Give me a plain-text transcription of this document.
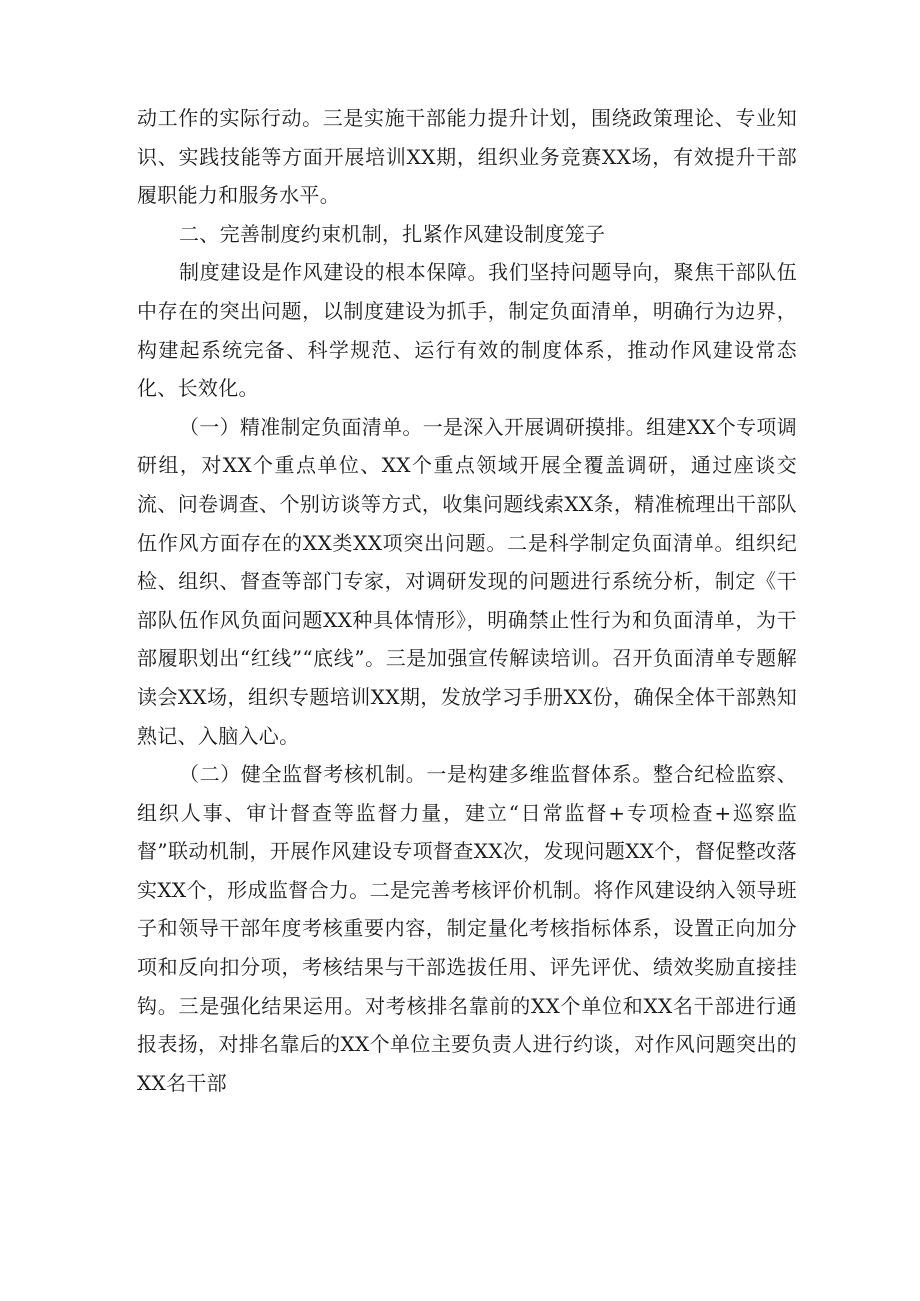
动工作的实际行动。三是实施干部能力提升计划，围绕政策理论、专业知识、实践技能等方面开展培训XX期，组织业务竞赛XX场，有效提升干部履职能力和服务水平。

二、完善制度约束机制，扎紧作风建设制度笼子

制度建设是作风建设的根本保障。我们坚持问题导向，聚焦干部队伍中存在的突出问题，以制度建设为抓手，制定负面清单，明确行为边界，构建起系统完备、科学规范、运行有效的制度体系，推动作风建设常态化、长效化。

（一）精准制定负面清单。一是深入开展调研摸排。组建XX个专项调研组，对XX个重点单位、XX个重点领域开展全覆盖调研，通过座谈交流、问卷调查、个别访谈等方式，收集问题线索XX条，精准梳理出干部队伍作风方面存在的XX类XX项突出问题。二是科学制定负面清单。组织纪检、组织、督查等部门专家，对调研发现的问题进行系统分析，制定《干部队伍作风负面问题XX种具体情形》，明确禁止性行为和负面清单，为干部履职划出“红线”“底线”。三是加强宣传解读培训。召开负面清单专题解读会XX场，组织专题培训XX期，发放学习手册XX份，确保全体干部熟知熟记、入脑入心。

（二）健全监督考核机制。一是构建多维监督体系。整合纪检监察、组织人事、审计督查等监督力量，建立“日常监督+专项检查+巡察监督”联动机制，开展作风建设专项督查XX次，发现问题XX个，督促整改落实XX个，形成监督合力。二是完善考核评价机制。将作风建设纳入领导班子和领导干部年度考核重要内容，制定量化考核指标体系，设置正向加分项和反向扣分项，考核结果与干部选拔任用、评先评优、绩效奖励直接挂钩。三是强化结果运用。对考核排名靠前的XX个单位和XX名干部进行通报表扬，对排名靠后的XX个单位主要负责人进行约谈，对作风问题突出的XX名干部
